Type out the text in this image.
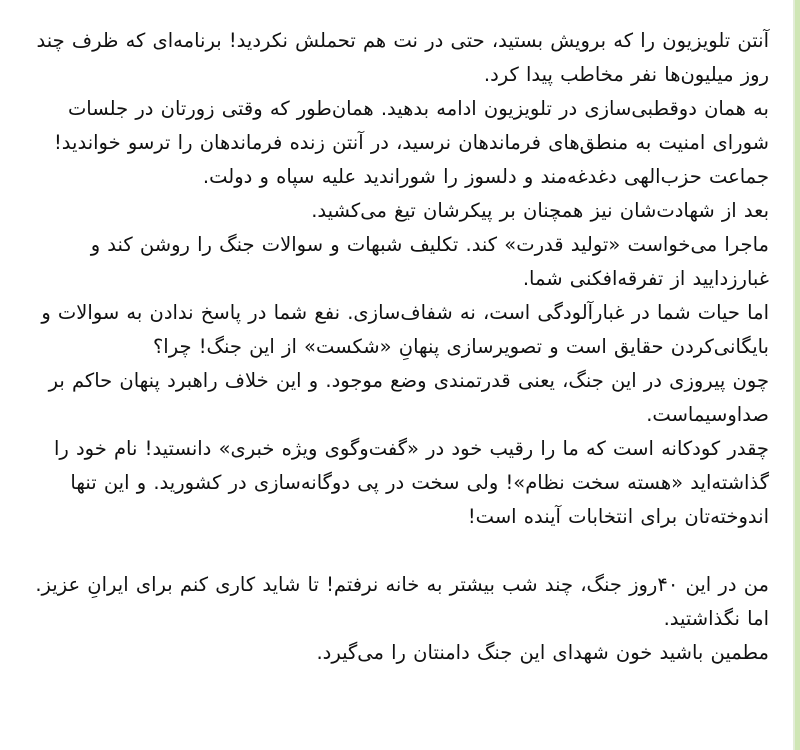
آنتن تلویزیون را که برویش بستید، حتی در نت هم تحملش نکردید! برنامه‌ای که ظرف چند روز میلیون‌ها نفر مخاطب پیدا کرد.

به همان دوقطبی‌سازی در تلویزیون ادامه بدهید. همان‌طور که وقتی زورتان در جلسات شورای امنیت به منطق‌های فرماندهان نرسید، در آنتن زنده فرماندهان را ترسو خواندید! جماعت حزب‌الهی دغدغه‌مند و دلسوز را شوراندید علیه سپاه و دولت.

بعد از شهادت‌شان نیز همچنان بر پیکرشان تیغ می‌کشید.

ماجرا می‌خواست «تولید قدرت» کند. تکلیف شبهات و سوالات جنگ را روشن کند و غبارزدایید از تفرقه‌افکنی شما.

اما حیات شما در غبارآلودگی است، نه شفاف‌سازی. نفع شما در پاسخ ندادن به سوالات و بایگانی‌کردن حقایق است و تصویرسازی پنهانِ «شکست» از این جنگ! چرا؟

چون پیروزی در این جنگ، یعنی قدرتمندی وضع موجود. و این خلاف راهبرد پنهان حاکم بر صداوسیماست.

چقدر کودکانه است که ما را رقیب خود در «گفت‌وگوی ویژه خبری» دانستید! نام خود را گذاشته‌اید «هسته سخت نظام»! ولی سخت در پی دوگانه‌سازی در کشورید. و این تنها اندوخته‌تان برای انتخابات آینده است!

من در این ۴۰روز جنگ، چند شب بیشتر به خانه نرفتم! تا شاید کاری کنم برای ایرانِ عزیز. اما نگذاشتید.

مطمین باشید خون شهدای این جنگ دامنتان را می‌گیرد.
